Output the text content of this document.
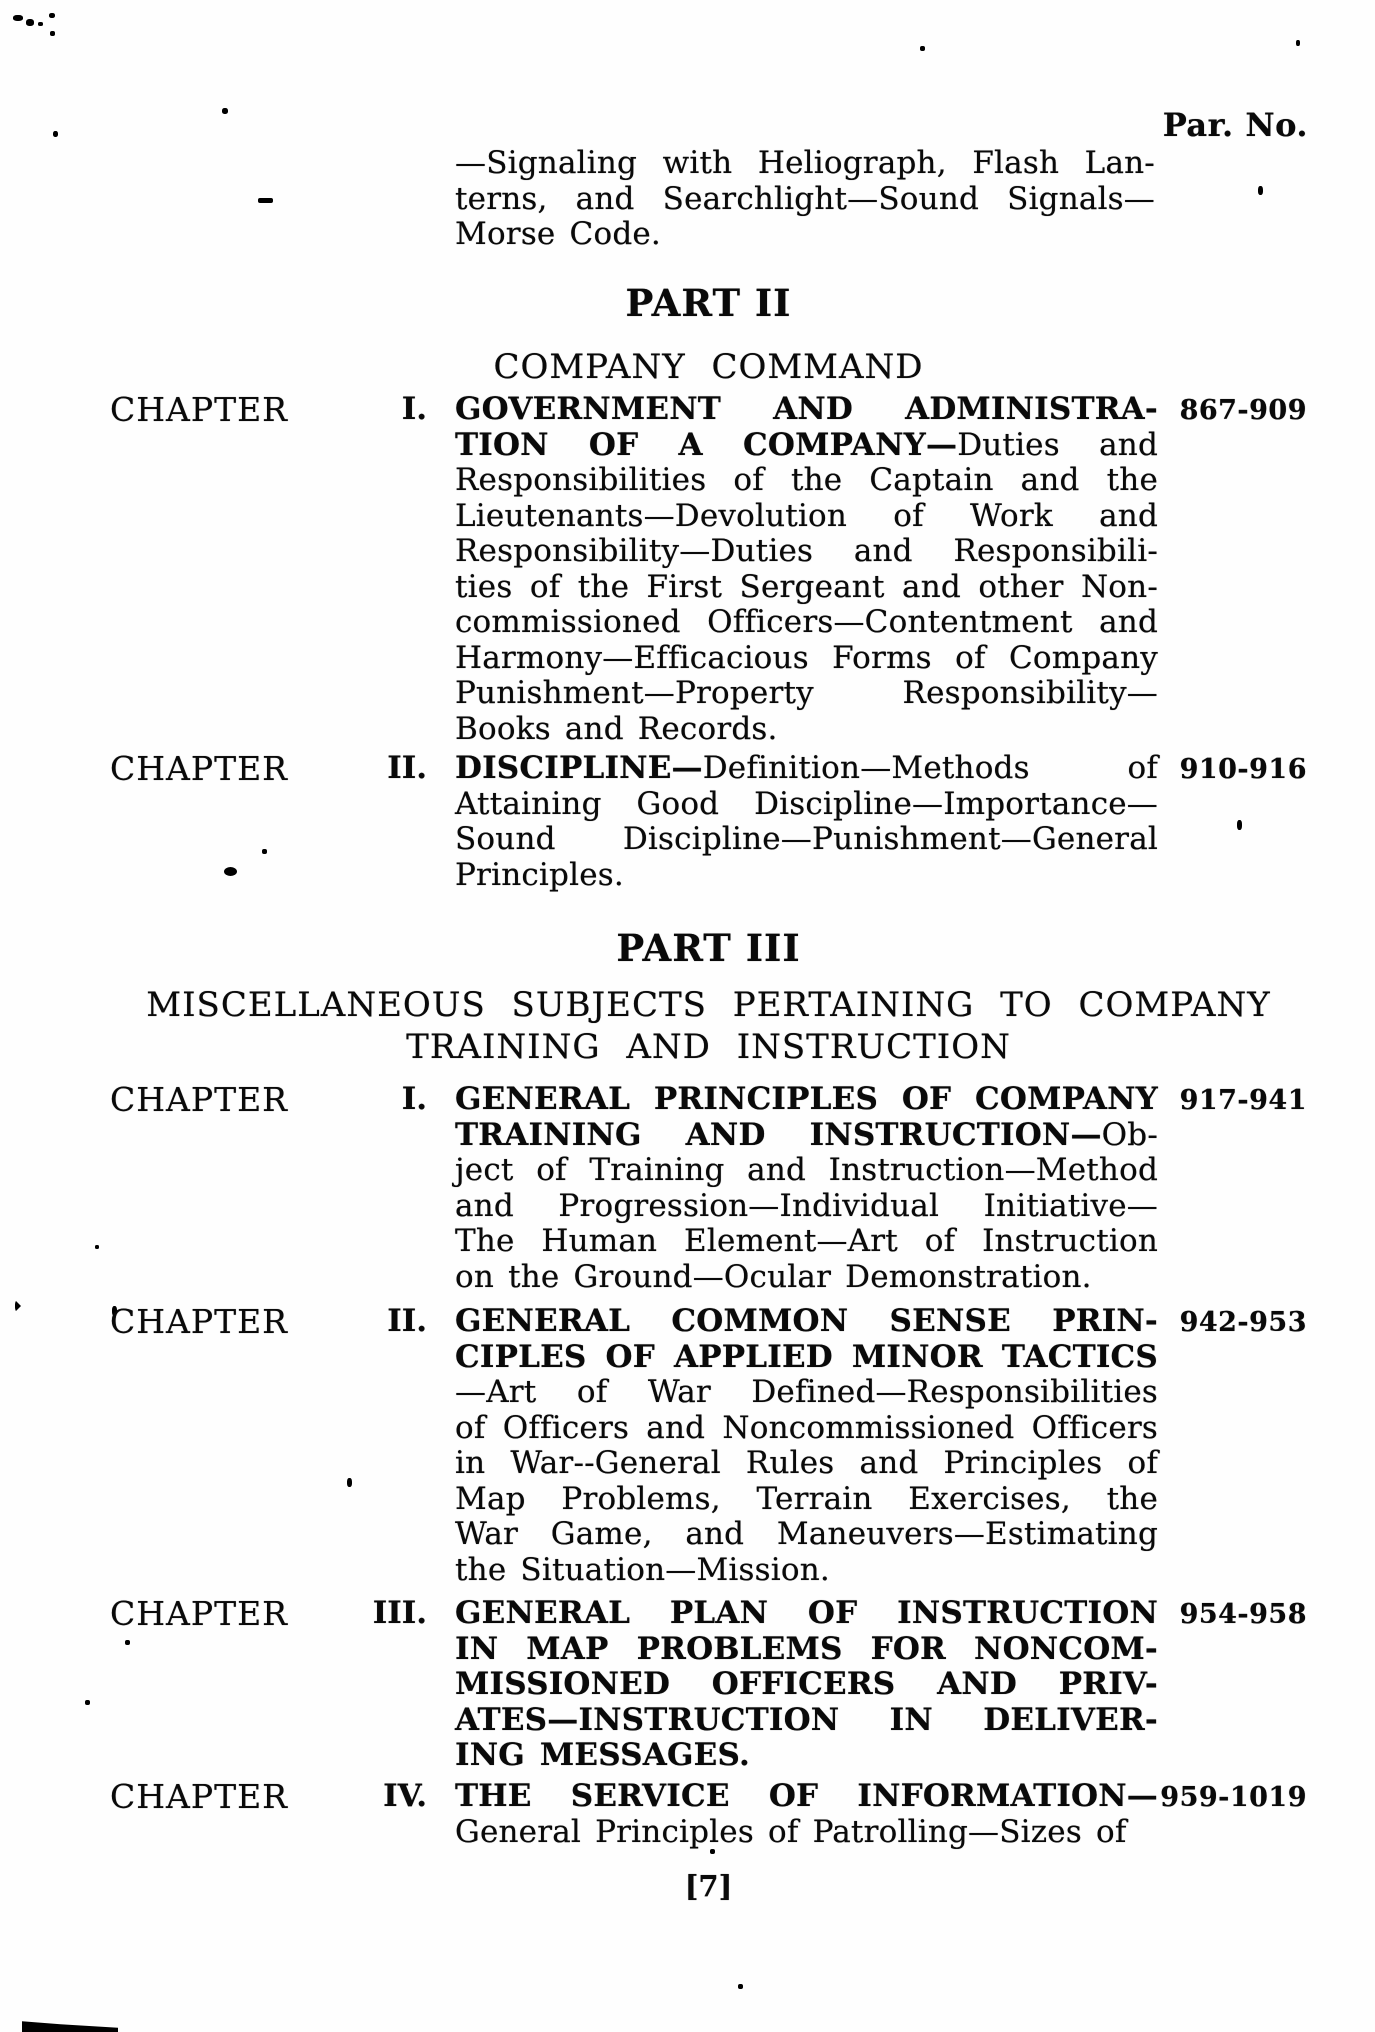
Par. No.
—Signaling with Heliograph, Flash Lan-
terns, and Searchlight—Sound Signals—
Morse Code.
PART II
COMPANY COMMAND
CHAPTER	I. GOVERNMENT AND ADMINISTRA-
TION OF A COMPANY—Duties and
Responsibilities of the Captain and the
Lieutenants—Devolution of Work and
Responsibility—Duties and Responsibili-
ties of the First Sergeant and other Non-
commissioned Officers—Contentment and
Harmony—Efficacious Forms of Company
Punishment—Property Responsibility—
Books and Records.
867-909
CHAPTER	II. DISCIPLINE—Definition—Methods of
Attaining Good Discipline—Importance—
Sound Discipline—Punishment—General
Principles.
910-916
PART III
MISCELLANEOUS SUBJECTS PERTAINING TO COMPANY
TRAINING AND INSTRUCTION
CHAPTER	I. GENERAL PRINCIPLES OF COMPANY
TRAINING AND INSTRUCTION—Ob-
ject of Training and Instruction—Method
and Progression—Individual Initiative—
The Human Element—Art of Instruction
on the Ground—Ocular Demonstration.
917-941
CHAPTER	II. GENERAL COMMON SENSE PRIN-
CIPLES OF APPLIED MINOR TACTICS
—Art of War Defined—Responsibilities
of Officers and Noncommissioned Officers
in War--General Rules and Principles of
Map Problems, Terrain Exercises, the
War Game, and Maneuvers—Estimating
the Situation—Mission.
942-953
CHAPTER	III. GENERAL PLAN OF INSTRUCTION
IN MAP PROBLEMS FOR NONCOM-
MISSIONED OFFICERS AND PRIV-
ATES—INSTRUCTION IN DELIVER-
ING MESSAGES.
954-958
CHAPTER	IV. THE SERVICE OF INFORMATION—
General Principles of Patrolling—Sizes of
959-1019
[7]
